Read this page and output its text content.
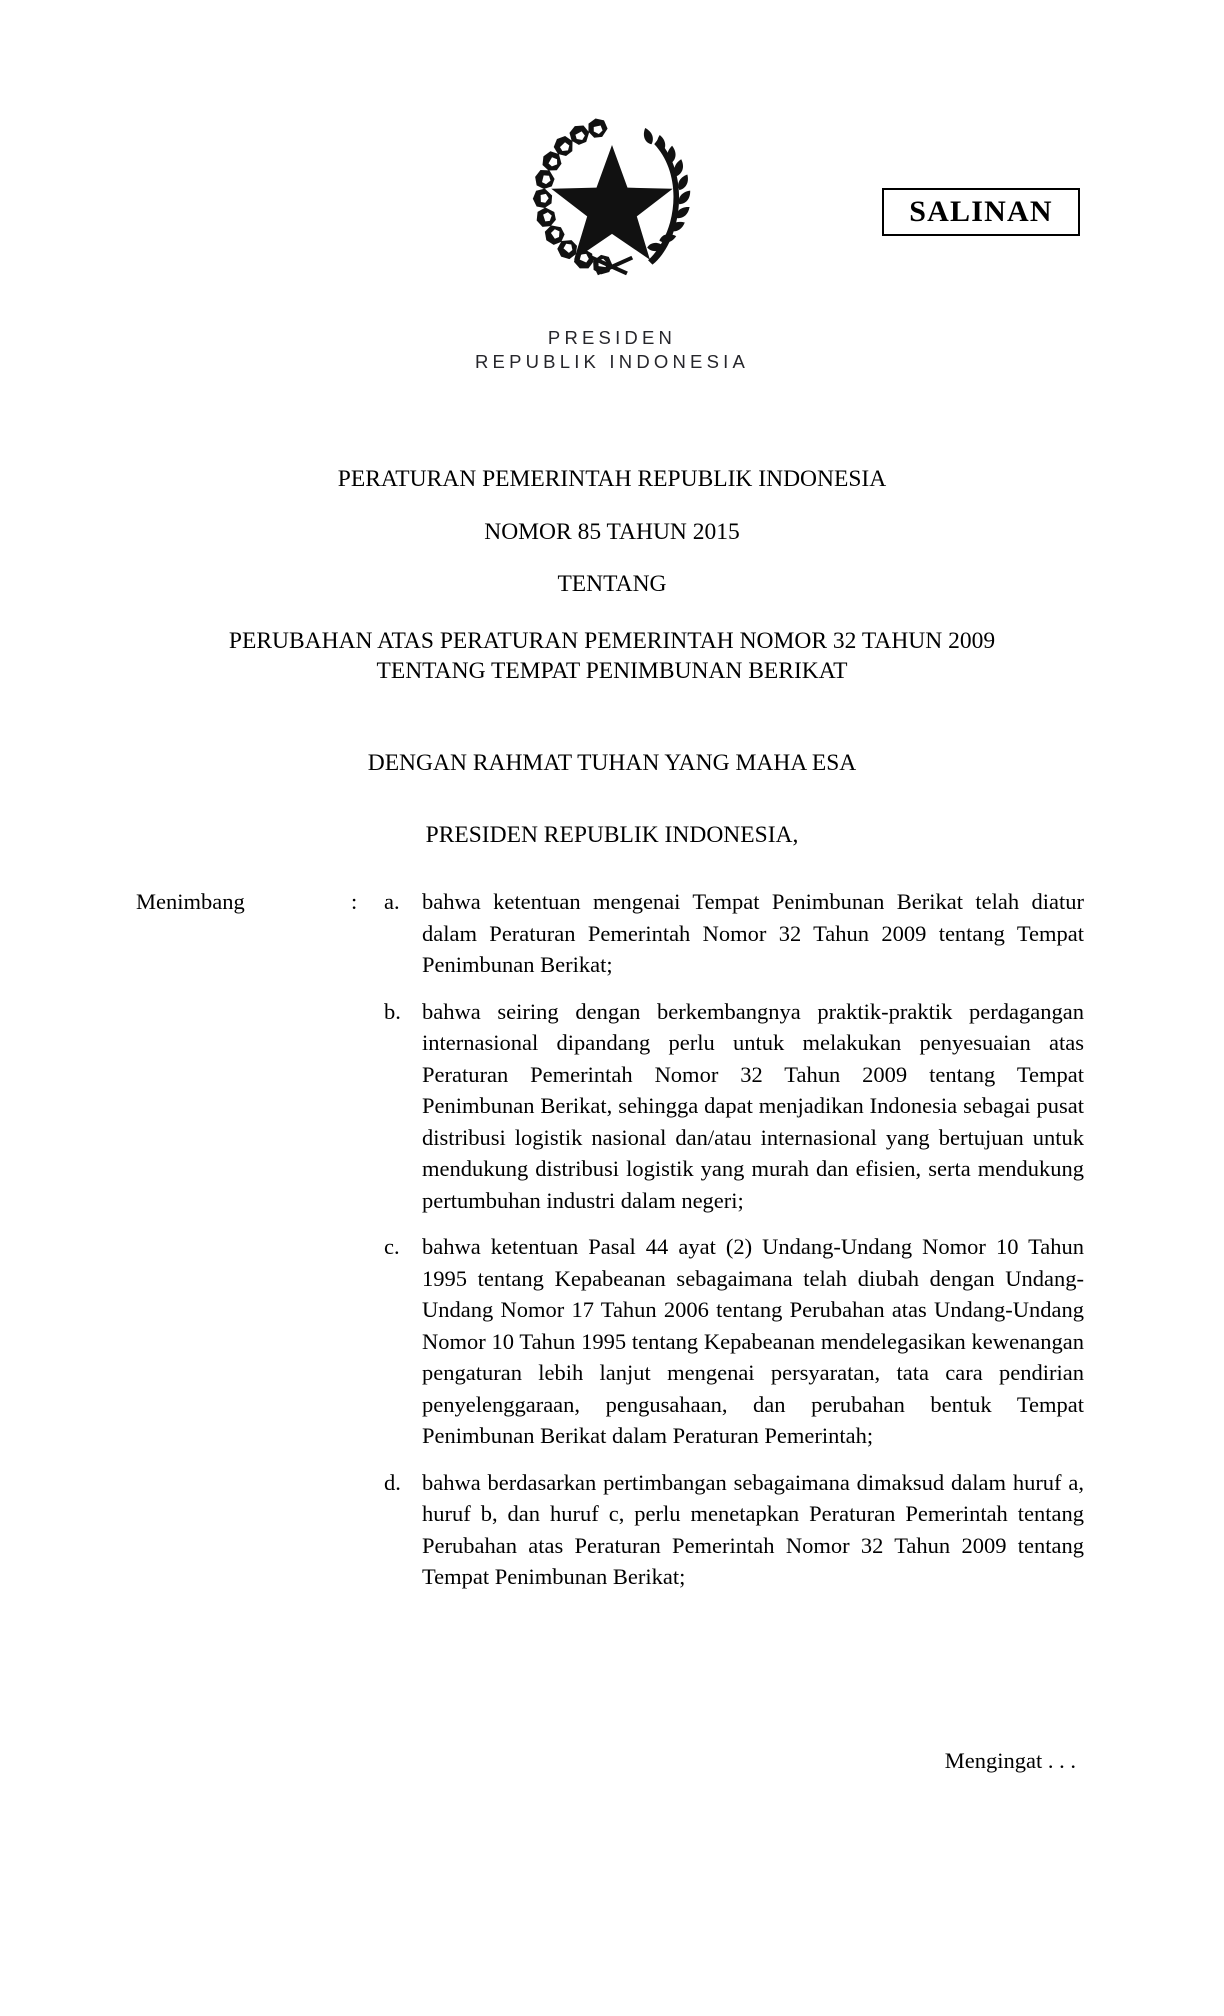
PRESIDEN
REPUBLIK INDONESIA
SALINAN
PERATURAN PEMERINTAH REPUBLIK INDONESIA
NOMOR 85 TAHUN 2015
TENTANG
PERUBAHAN ATAS PERATURAN PEMERINTAH NOMOR 32 TAHUN 2009
TENTANG TEMPAT PENIMBUNAN BERIKAT
DENGAN RAHMAT TUHAN YANG MAHA ESA
PRESIDEN REPUBLIK INDONESIA,
Menimbang	: a. bahwa ketentuan mengenai Tempat Penimbunan Berikat telah diatur dalam Peraturan Pemerintah Nomor 32 Tahun 2009 tentang Tempat Penimbunan Berikat;
b. bahwa seiring dengan berkembangnya praktik-praktik perdagangan internasional dipandang perlu untuk melakukan penyesuaian atas Peraturan Pemerintah Nomor 32 Tahun 2009 tentang Tempat Penimbunan Berikat, sehingga dapat menjadikan Indonesia sebagai pusat distribusi logistik nasional dan/atau internasional yang bertujuan untuk mendukung distribusi logistik yang murah dan efisien, serta mendukung pertumbuhan industri dalam negeri;
c. bahwa ketentuan Pasal 44 ayat (2) Undang-Undang Nomor 10 Tahun 1995 tentang Kepabeanan sebagaimana telah diubah dengan Undang- Undang Nomor 17 Tahun 2006 tentang Perubahan atas Undang-Undang Nomor 10 Tahun 1995 tentang Kepabeanan mendelegasikan kewenangan pengaturan lebih lanjut mengenai persyaratan, tata cara pendirian penyelenggaraan, pengusahaan, dan perubahan bentuk Tempat Penimbunan Berikat dalam Peraturan Pemerintah;
d. bahwa berdasarkan pertimbangan sebagaimana dimaksud dalam huruf a, huruf b, dan huruf c, perlu menetapkan Peraturan Pemerintah tentang Perubahan atas Peraturan Pemerintah Nomor 32 Tahun 2009 tentang Tempat Penimbunan Berikat;
Mengingat . . .
